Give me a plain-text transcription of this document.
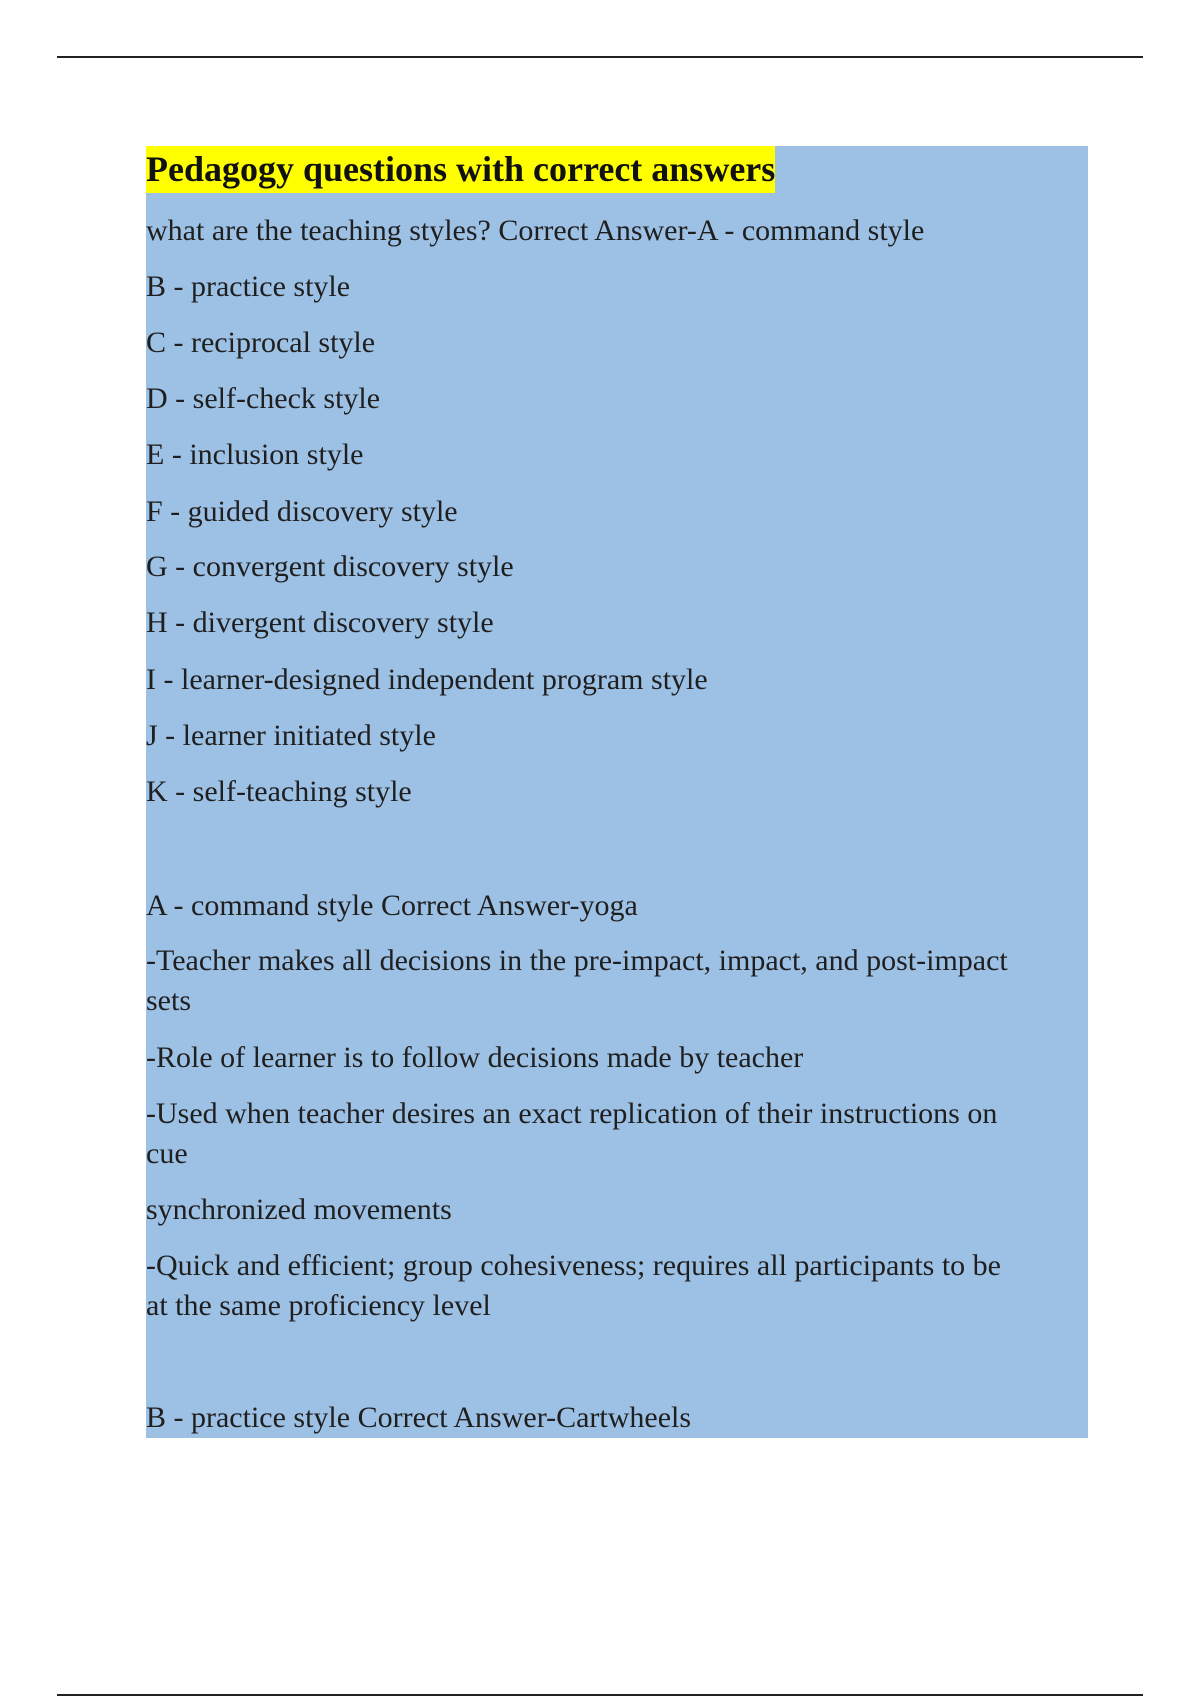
Pedagogy questions with correct answers
what are the teaching styles? Correct Answer-A - command style
B - practice style
C - reciprocal style
D - self-check style
E - inclusion style
F - guided discovery style
G - convergent discovery style
H - divergent discovery style
I - learner-designed independent program style
J - learner initiated style
K - self-teaching style
A - command style Correct Answer-yoga
-Teacher makes all decisions in the pre-impact, impact, and post-impact
sets
-Role of learner is to follow decisions made by teacher
-Used when teacher desires an exact replication of their instructions on
cue
synchronized movements
-Quick and efficient; group cohesiveness; requires all participants to be
at the same proficiency level
B - practice style Correct Answer-Cartwheels
